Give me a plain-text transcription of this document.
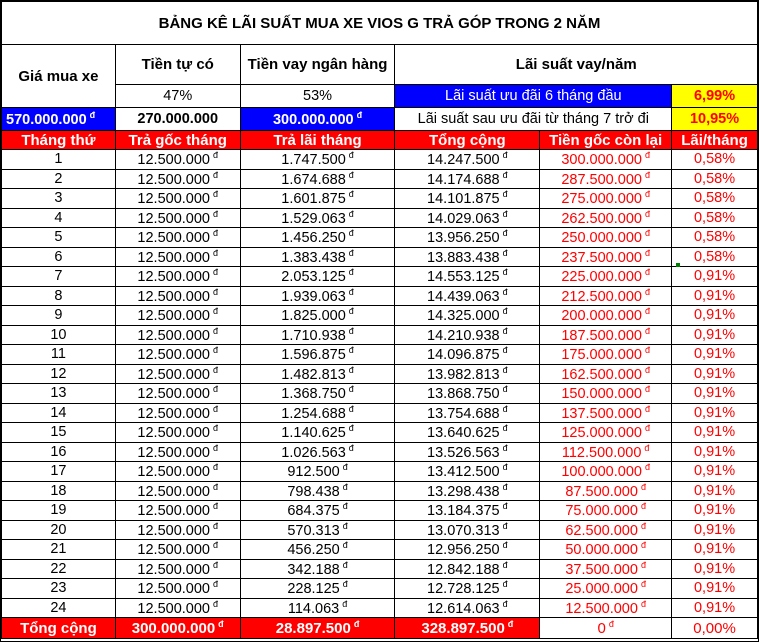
BẢNG KÊ LÃI SUẤT MUA XE VIOS G TRẢ GÓP TRONG 2 NĂM					
Giá mua xe	Tiền tự có	Tiền vay ngân hàng	Lãi suất vay/năm		
	47%	53%	Lãi suất ưu đãi 6 tháng đầu		6,99%
570.000.000 $^đ$	270.000.000	300.000.000 $^đ$	Lãi suất sau ưu đãi từ tháng 7 trở đi		10,95%
Tháng thứ	Trả gốc tháng	Trả lãi tháng	Tổng cộng	Tiền gốc còn lại	Lãi/tháng
1	12.500.000 $^đ$	1.747.500 $^đ$	14.247.500 $^đ$	300.000.000 $^đ$	0,58%
2	12.500.000 $^đ$	1.674.688 $^đ$	14.174.688 $^đ$	287.500.000 $^đ$	0,58%
3	12.500.000 $^đ$	1.601.875 $^đ$	14.101.875 $^đ$	275.000.000 $^đ$	0,58%
4	12.500.000 $^đ$	1.529.063 $^đ$	14.029.063 $^đ$	262.500.000 $^đ$	0,58%
5	12.500.000 $^đ$	1.456.250 $^đ$	13.956.250 $^đ$	250.000.000 $^đ$	0,58%
6	12.500.000 $^đ$	1.383.438 $^đ$	13.883.438 $^đ$	237.500.000 $^đ$	0,58%
7	12.500.000 $^đ$	2.053.125 $^đ$	14.553.125 $^đ$	225.000.000 $^đ$	0,91%
8	12.500.000 $^đ$	1.939.063 $^đ$	14.439.063 $^đ$	212.500.000 $^đ$	0,91%
9	12.500.000 $^đ$	1.825.000 $^đ$	14.325.000 $^đ$	200.000.000 $^đ$	0,91%
10	12.500.000 $^đ$	1.710.938 $^đ$	14.210.938 $^đ$	187.500.000 $^đ$	0,91%
11	12.500.000 $^đ$	1.596.875 $^đ$	14.096.875 $^đ$	175.000.000 $^đ$	0,91%
12	12.500.000 $^đ$	1.482.813 $^đ$	13.982.813 $^đ$	162.500.000 $^đ$	0,91%
13	12.500.000 $^đ$	1.368.750 $^đ$	13.868.750 $^đ$	150.000.000 $^đ$	0,91%
14	12.500.000 $^đ$	1.254.688 $^đ$	13.754.688 $^đ$	137.500.000 $^đ$	0,91%
15	12.500.000 $^đ$	1.140.625 $^đ$	13.640.625 $^đ$	125.000.000 $^đ$	0,91%
16	12.500.000 $^đ$	1.026.563 $^đ$	13.526.563 $^đ$	112.500.000 $^đ$	0,91%
17	12.500.000 $^đ$	912.500 $^đ$	13.412.500 $^đ$	100.000.000 $^đ$	0,91%
18	12.500.000 $^đ$	798.438 $^đ$	13.298.438 $^đ$	87.500.000 $^đ$	0,91%
19	12.500.000 $^đ$	684.375 $^đ$	13.184.375 $^đ$	75.000.000 $^đ$	0,91%
20	12.500.000 $^đ$	570.313 $^đ$	13.070.313 $^đ$	62.500.000 $^đ$	0,91%
21	12.500.000 $^đ$	456.250 $^đ$	12.956.250 $^đ$	50.000.000 $^đ$	0,91%
22	12.500.000 $^đ$	342.188 $^đ$	12.842.188 $^đ$	37.500.000 $^đ$	0,91%
23	12.500.000 $^đ$	228.125 $^đ$	12.728.125 $^đ$	25.000.000 $^đ$	0,91%
24	12.500.000 $^đ$	114.063 $^đ$	12.614.063 $^đ$	12.500.000 $^đ$	0,91%
Tổng cộng	300.000.000 $^đ$	28.897.500 $^đ$	328.897.500 $^đ$	0 $^đ$	0,00%
